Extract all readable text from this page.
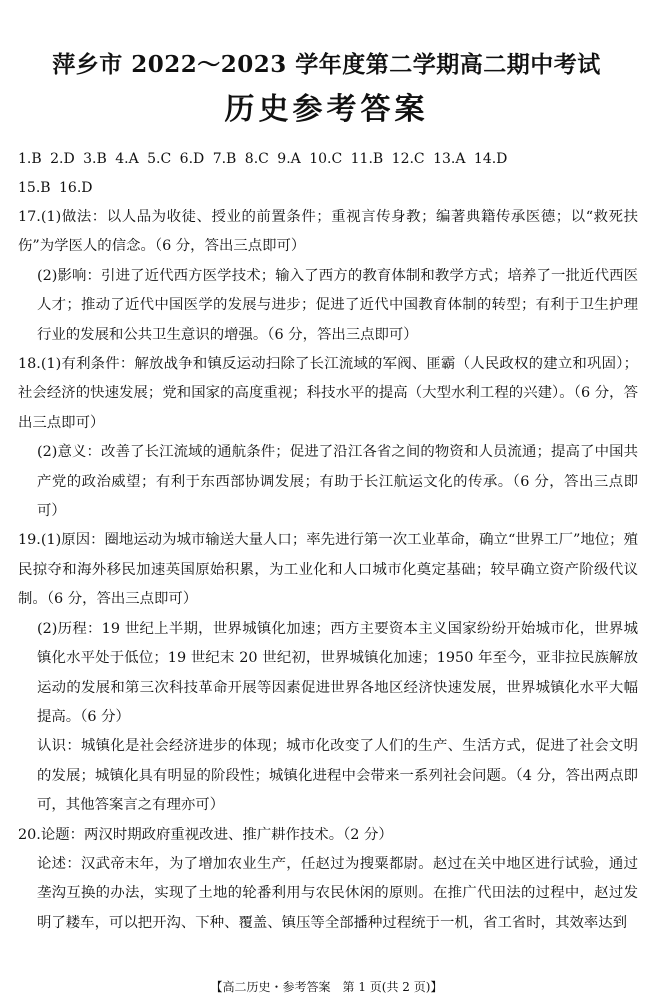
萍乡市 2022～2023 学年度第二学期高二期中考试
历史参考答案
1.B 2.D 3.B 4.A 5.C 6.D 7.B 8.C 9.A 10.C 11.B 12.C 13.A 14.D
15.B 16.D

17.(1)做法：以人品为收徒、授业的前置条件；重视言传身教；编著典籍传承医德；以“救死扶伤”为学医人的信念。（6 分，答出三点即可）

(2)影响：引进了近代西方医学技术；输入了西方的教育体制和教学方式；培养了一批近代西医人才；推动了近代中国医学的发展与进步；促进了近代中国教育体制的转型；有利于卫生护理行业的发展和公共卫生意识的增强。（6 分，答出三点即可）

18.(1)有利条件：解放战争和镇反运动扫除了长江流域的军阀、匪霸（人民政权的建立和巩固）；社会经济的快速发展；党和国家的高度重视；科技水平的提高（大型水利工程的兴建）。（6 分，答出三点即可）

(2)意义：改善了长江流域的通航条件；促进了沿江各省之间的物资和人员流通；提高了中国共产党的政治威望；有利于东西部协调发展；有助于长江航运文化的传承。（6 分，答出三点即可）

19.(1)原因：圈地运动为城市输送大量人口；率先进行第一次工业革命，确立“世界工厂”地位；殖民掠夺和海外移民加速英国原始积累，为工业化和人口城市化奠定基础；较早确立资产阶级代议制。（6 分，答出三点即可）

(2)历程：19 世纪上半期，世界城镇化加速；西方主要资本主义国家纷纷开始城市化，世界城镇化水平处于低位；19 世纪末 20 世纪初，世界城镇化加速；1950 年至今，亚非拉民族解放运动的发展和第三次科技革命开展等因素促进世界各地区经济快速发展，世界城镇化水平大幅提高。（6 分）

认识：城镇化是社会经济进步的体现；城市化改变了人们的生产、生活方式，促进了社会文明的发展；城镇化具有明显的阶段性；城镇化进程中会带来一系列社会问题。（4 分，答出两点即可，其他答案言之有理亦可）

20.论题：两汉时期政府重视改进、推广耕作技术。（2 分）

论述：汉武帝末年，为了增加农业生产，任赵过为搜粟都尉。赵过在关中地区进行试验，通过垄沟互换的办法，实现了土地的轮番利用与农民休闲的原则。在推广代田法的过程中，赵过发明了耧车，可以把开沟、下种、覆盖、镇压等全部播种过程统于一机，省工省时，其效率达到

【高二历史・参考答案　第 1 页(共 2 页)】
